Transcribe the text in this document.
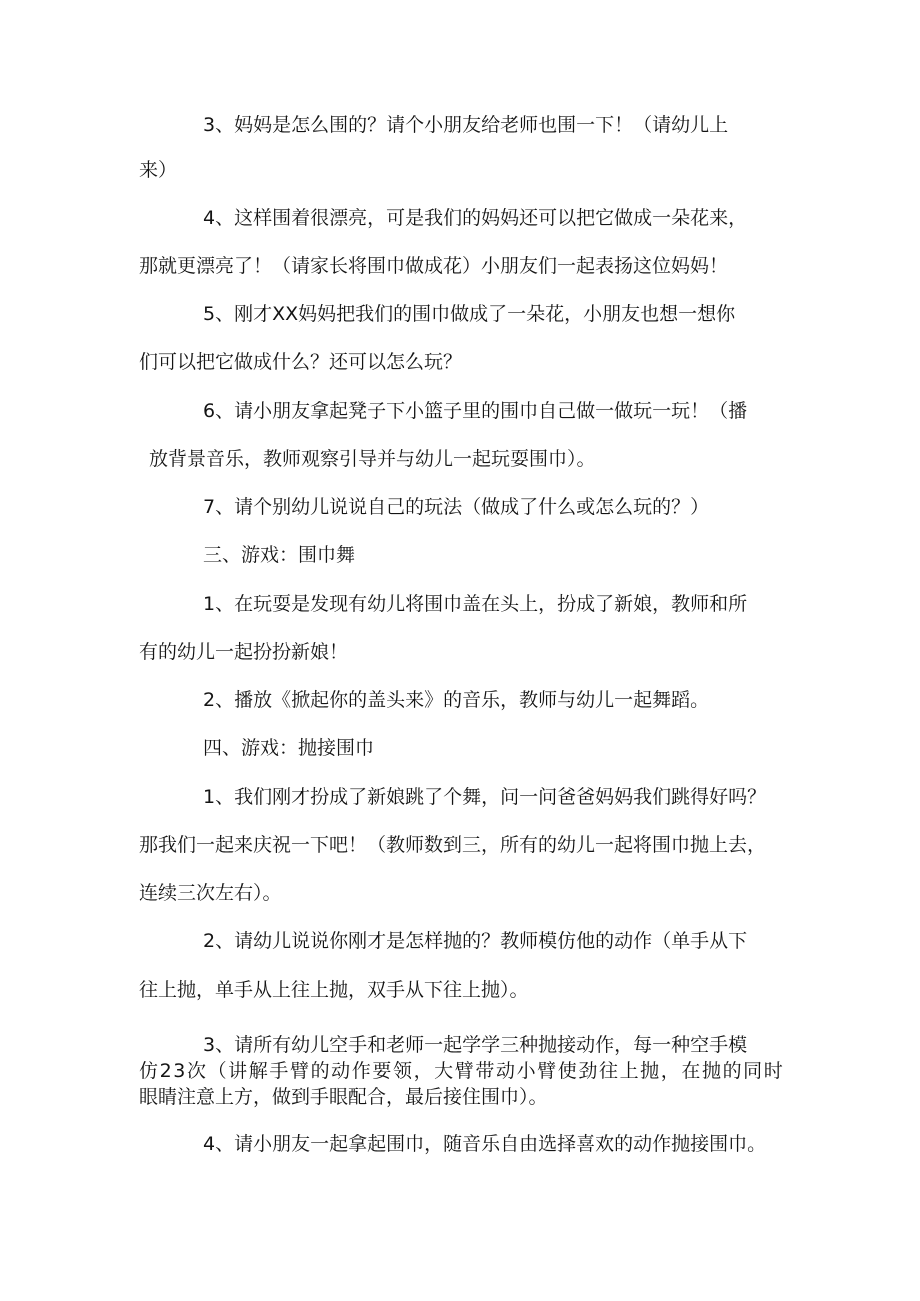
3、妈妈是怎么围的？请个小朋友给老师也围一下！（请幼儿上
来）
4、这样围着很漂亮，可是我们的妈妈还可以把它做成一朵花来，
那就更漂亮了！（请家长将围巾做成花）小朋友们一起表扬这位妈妈！
5、刚才XX妈妈把我们的围巾做成了一朵花，小朋友也想一想你
们可以把它做成什么？还可以怎么玩？
6、请小朋友拿起凳子下小篮子里的围巾自己做一做玩一玩！（播
放背景音乐，教师观察引导并与幼儿一起玩耍围巾）。
7、请个别幼儿说说自己的玩法（做成了什么或怎么玩的？）
三、游戏：围巾舞
1、在玩耍是发现有幼儿将围巾盖在头上，扮成了新娘，教师和所
有的幼儿一起扮扮新娘！
2、播放《掀起你的盖头来》的音乐，教师与幼儿一起舞蹈。
四、游戏：抛接围巾
1、我们刚才扮成了新娘跳了个舞，问一问爸爸妈妈我们跳得好吗？
那我们一起来庆祝一下吧！（教师数到三，所有的幼儿一起将围巾抛上去，
连续三次左右）。
2、请幼儿说说你刚才是怎样抛的？教师模仿他的动作（单手从下
往上抛，单手从上往上抛，双手从下往上抛）。
3、请所有幼儿空手和老师一起学学三种抛接动作，每一种空手模
仿23次（讲解手臂的动作要领，大臂带动小臂使劲往上抛，在抛的同时
眼睛注意上方，做到手眼配合，最后接住围巾）。
4、请小朋友一起拿起围巾，随音乐自由选择喜欢的动作抛接围巾。
